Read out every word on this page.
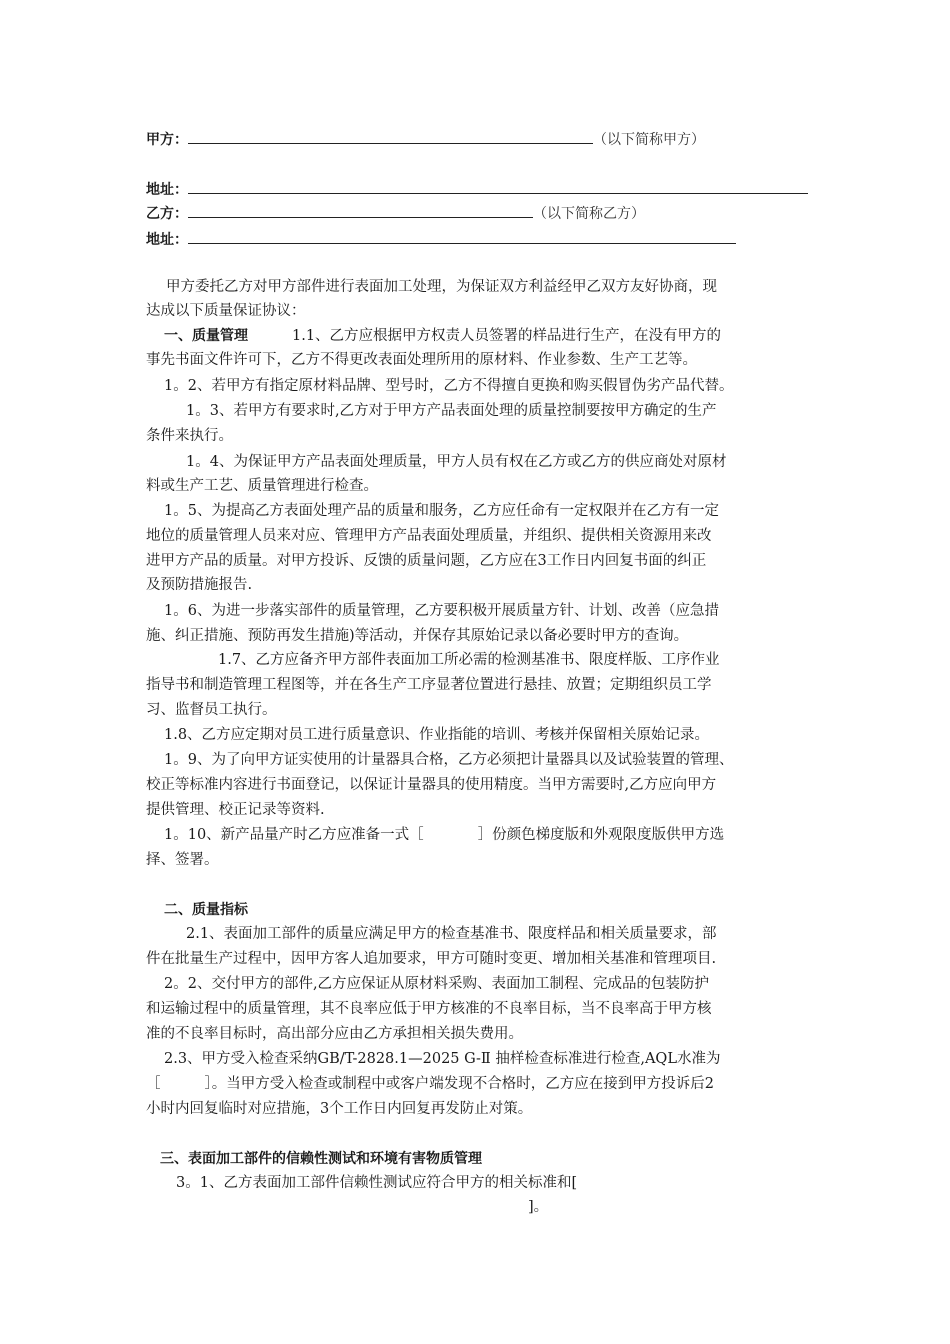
甲方：	（以下简称甲方）
地址：
乙方：	（以下简称乙方）
地址：
甲方委托乙方对甲方部件进行表面加工处理，为保证双方利益经甲乙双方友好协商，现
达成以下质量保证协议：
一、质量管理	1.1、乙方应根据甲方权责人员签署的样品进行生产，在没有甲方的
事先书面文件许可下，乙方不得更改表面处理所用的原材料、作业参数、生产工艺等。
1。2、若甲方有指定原材料品牌、型号时，乙方不得擅自更换和购买假冒伪劣产品代替。
1。3、若甲方有要求时,乙方对于甲方产品表面处理的质量控制要按甲方确定的生产
条件来执行。
1。4、为保证甲方产品表面处理质量，甲方人员有权在乙方或乙方的供应商处对原材
料或生产工艺、质量管理进行检查。
1。5、为提高乙方表面处理产品的质量和服务，乙方应任命有一定权限并在乙方有一定
地位的质量管理人员来对应、管理甲方产品表面处理质量，并组织、提供相关资源用来改
进甲方产品的质量。对甲方投诉、反馈的质量问题，乙方应在3工作日内回复书面的纠正
及预防措施报告.
1。6、为进一步落实部件的质量管理，乙方要积极开展质量方针、计划、改善（应急措
施、纠正措施、预防再发生措施)等活动，并保存其原始记录以备必要时甲方的查询。
1.7、乙方应备齐甲方部件表面加工所必需的检测基准书、限度样版、工序作业
指导书和制造管理工程图等，并在各生产工序显著位置进行悬挂、放置；定期组织员工学
习、监督员工执行。
1.8、乙方应定期对员工进行质量意识、作业指能的培训、考核并保留相关原始记录。
1。9、为了向甲方证实使用的计量器具合格，乙方必须把计量器具以及试验装置的管理、
校正等标准内容进行书面登记，以保证计量器具的使用精度。当甲方需要时,乙方应向甲方
提供管理、校正记录等资料.
1。10、新产品量产时乙方应准备一式［	］份颜色梯度版和外观限度版供甲方选
择、签署。
二、质量指标
2.1、表面加工部件的质量应满足甲方的检查基准书、限度样品和相关质量要求，部
件在批量生产过程中，因甲方客人追加要求，甲方可随时变更、增加相关基准和管理项目.
2。2、交付甲方的部件,乙方应保证从原材料采购、表面加工制程、完成品的包装防护
和运输过程中的质量管理，其不良率应低于甲方核准的不良率目标，当不良率高于甲方核
准的不良率目标时，高出部分应由乙方承担相关损失费用。
2.3、甲方受入检查采纳GB/T-2828.1—2025 G-Ⅱ 抽样检查标准进行检查,AQL水准为
［	］。当甲方受入检查或制程中或客户端发现不合格时，乙方应在接到甲方投诉后2
小时内回复临时对应措施，3个工作日内回复再发防止对策。
三、表面加工部件的信赖性测试和环境有害物质管理
3。1、乙方表面加工部件信赖性测试应符合甲方的相关标准和[
]。
